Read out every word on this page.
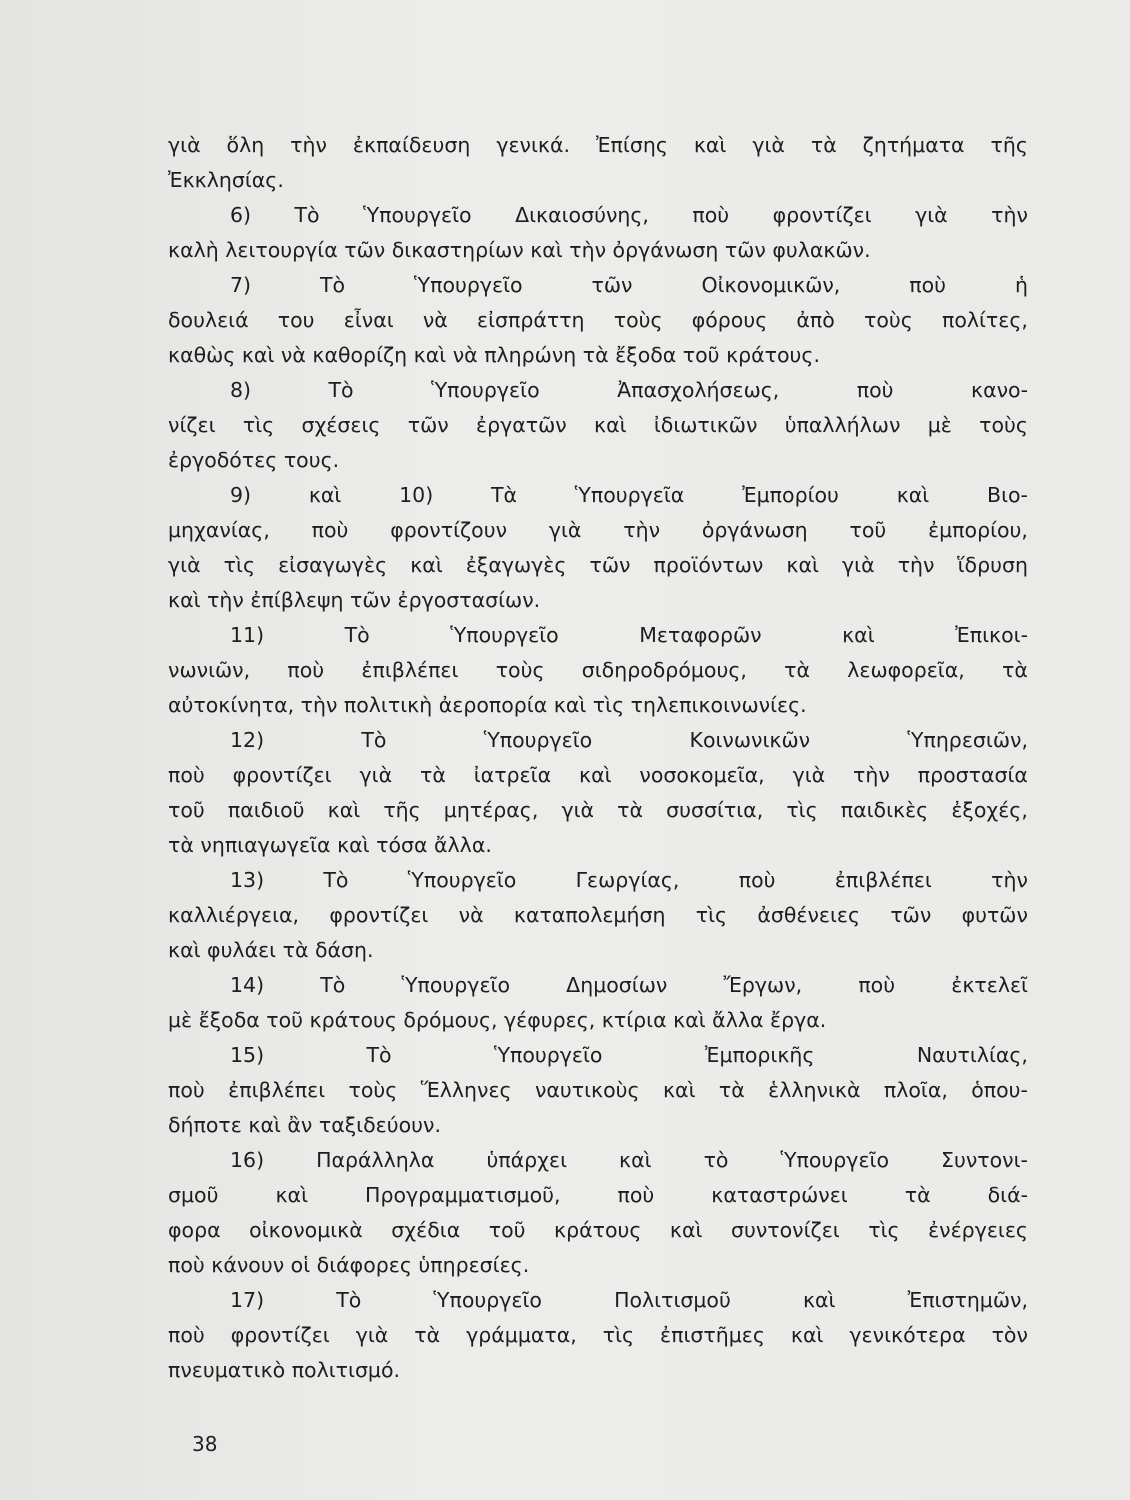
γιὰ ὅλη τὴν ἐκπαίδευση γενικά. Ἐπίσης καὶ γιὰ τὰ ζητήματα τῆς
Ἐκκλησίας.
6) Τὸ Ὑπουργεῖο Δικαιοσύνης, ποὺ φροντίζει γιὰ τὴν
καλὴ λειτουργία τῶν δικαστηρίων καὶ τὴν ὀργάνωση τῶν φυλακῶν.
7)	Τὸ	Ὑπουργεῖο	τῶν	Οἰκονομικῶν,	ποὺ	ἡ
δουλειά του εἶναι νὰ εἰσπράττη τοὺς φόρους ἀπὸ τοὺς πολίτες,
καθὼς καὶ νὰ καθορίζη καὶ νὰ πληρώνη τὰ ἔξοδα τοῦ κράτους.
8)	Τὸ	Ὑπουργεῖο	Ἀπασχολήσεως,	ποὺ	κανο-
νίζει τὶς σχέσεις τῶν ἐργατῶν καὶ ἰδιωτικῶν ὑπαλλήλων μὲ τοὺς
ἐργοδότες τους.
9)	καὶ	10)	Τὰ	Ὑπουργεῖα	Ἐμπορίου	καὶ	Βιο-
μηχανίας, ποὺ φροντίζουν γιὰ τὴν ὀργάνωση τοῦ ἐμπορίου,
γιὰ τὶς εἰσαγωγὲς καὶ ἐξαγωγὲς τῶν προϊόντων καὶ γιὰ τὴν ἵδρυση
καὶ τὴν ἐπίβλεψη τῶν ἐργοστασίων.
11)	Τὸ	Ὑπουργεῖο	Μεταφορῶν	καὶ	Ἐπικοι-
νωνιῶν, ποὺ ἐπιβλέπει τοὺς σιδηροδρόμους, τὰ λεωφορεῖα, τὰ
αὐτοκίνητα, τὴν πολιτικὴ ἀεροπορία καὶ τὶς τηλεπικοινωνίες.
12)	Τὸ	Ὑπουργεῖο	Κοινωνικῶν	Ὑπηρεσιῶν,
ποὺ φροντίζει γιὰ τὰ ἰατρεῖα καὶ νοσοκομεῖα, γιὰ τὴν προστασία
τοῦ παιδιοῦ καὶ τῆς μητέρας, γιὰ τὰ συσσίτια, τὶς παιδικὲς ἐξοχές,
τὰ νηπιαγωγεῖα καὶ τόσα ἄλλα.
13)	Τὸ	Ὑπουργεῖο	Γεωργίας,	ποὺ	ἐπιβλέπει	τὴν
καλλιέργεια, φροντίζει νὰ καταπολεμήση τὶς ἀσθένειες τῶν φυτῶν
καὶ φυλάει τὰ δάση.
14)	Τὸ	Ὑπουργεῖο	Δημοσίων	Ἔργων,	ποὺ	ἐκτελεῖ
μὲ ἔξοδα τοῦ κράτους δρόμους, γέφυρες, κτίρια καὶ ἄλλα ἔργα.
15)	Τὸ	Ὑπουργεῖο	Ἐμπορικῆς	Ναυτιλίας,
ποὺ ἐπιβλέπει τοὺς Ἕλληνες ναυτικοὺς καὶ τὰ ἑλληνικὰ πλοῖα, ὁπου-
δήποτε καὶ ἂν ταξιδεύουν.
16)	Παράλληλα	ὑπάρχει	καὶ	τὸ	Ὑπουργεῖο	Συντονι-
σμοῦ	καὶ	Προγραμματισμοῦ,	ποὺ	καταστρώνει	τὰ	διά-
φορα οἰκονομικὰ σχέδια τοῦ κράτους καὶ συντονίζει τὶς ἐνέργειες
ποὺ κάνουν οἱ διάφορες ὑπηρεσίες.
17)	Τὸ	Ὑπουργεῖο	Πολιτισμοῦ	καὶ	Ἐπιστημῶν,
ποὺ φροντίζει γιὰ τὰ γράμματα, τὶς ἐπιστῆμες καὶ γενικότερα τὸν
πνευματικὸ πολιτισμό.
38
